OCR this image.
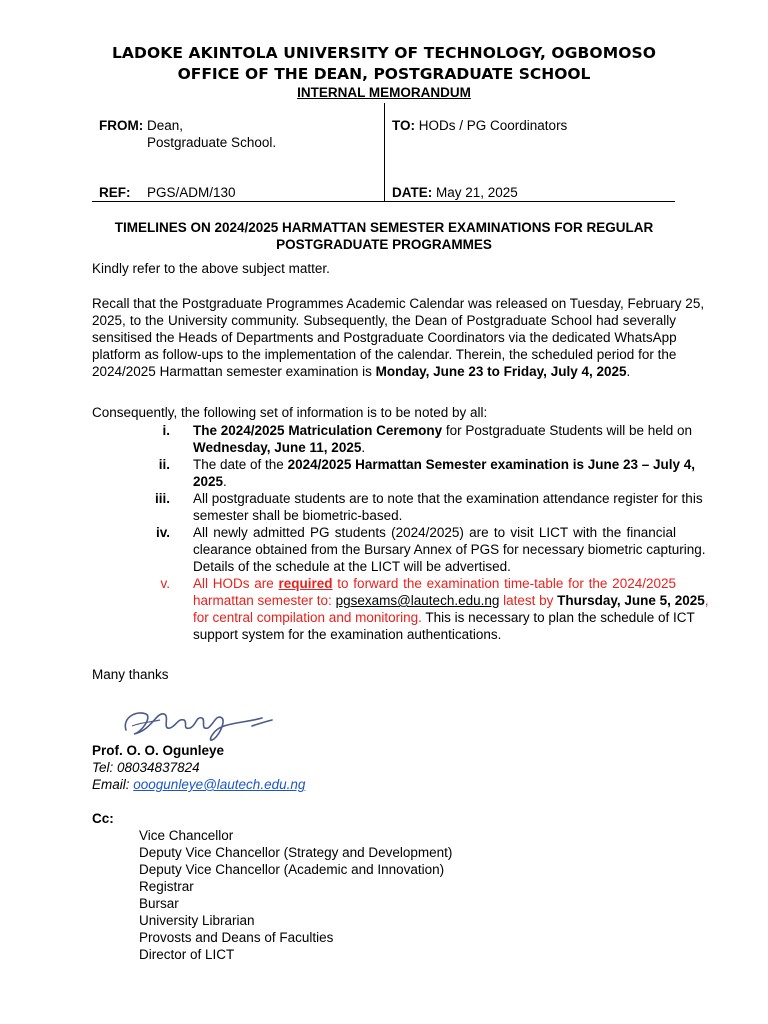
LADOKE AKINTOLA UNIVERSITY OF TECHNOLOGY, OGBOMOSO
OFFICE OF THE DEAN, POSTGRADUATE SCHOOL
INTERNAL MEMORANDUM
FROM: Dean,
Postgraduate School.
TO: HODs / PG Coordinators
REF: PGS/ADM/130	DATE: May 21, 2025
TIMELINES ON 2024/2025 HARMATTAN SEMESTER EXAMINATIONS FOR REGULAR
POSTGRADUATE PROGRAMMES
Kindly refer to the above subject matter.
Recall that the Postgraduate Programmes Academic Calendar was released on Tuesday, February 25,
2025, to the University community. Subsequently, the Dean of Postgraduate School had severally
sensitised the Heads of Departments and Postgraduate Coordinators via the dedicated WhatsApp
platform as follow-ups to the implementation of the calendar. Therein, the scheduled period for the
2024/2025 Harmattan semester examination is Monday, June 23 to Friday, July 4, 2025.
Consequently, the following set of information is to be noted by all:
i. The 2024/2025 Matriculation Ceremony for Postgraduate Students will be held on
Wednesday, June 11, 2025.
ii. The date of the 2024/2025 Harmattan Semester examination is June 23 – July 4,
2025.
iii. All postgraduate students are to note that the examination attendance register for this
semester shall be biometric-based.
iv. All newly admitted PG students (2024/2025) are to visit LICT with the financial
clearance obtained from the Bursary Annex of PGS for necessary biometric capturing.
Details of the schedule at the LICT will be advertised.
v. All HODs are required to forward the examination time-table for the 2024/2025
harmattan semester to: pgsexams@lautech.edu.ng latest by Thursday, June 5, 2025,
for central compilation and monitoring. This is necessary to plan the schedule of ICT
support system for the examination authentications.
Many thanks
Prof. O. O. Ogunleye
Tel: 08034837824
Email: ooogunleye@lautech.edu.ng
Cc:
Vice Chancellor
Deputy Vice Chancellor (Strategy and Development)
Deputy Vice Chancellor (Academic and Innovation)
Registrar
Bursar
University Librarian
Provosts and Deans of Faculties
Director of LICT
